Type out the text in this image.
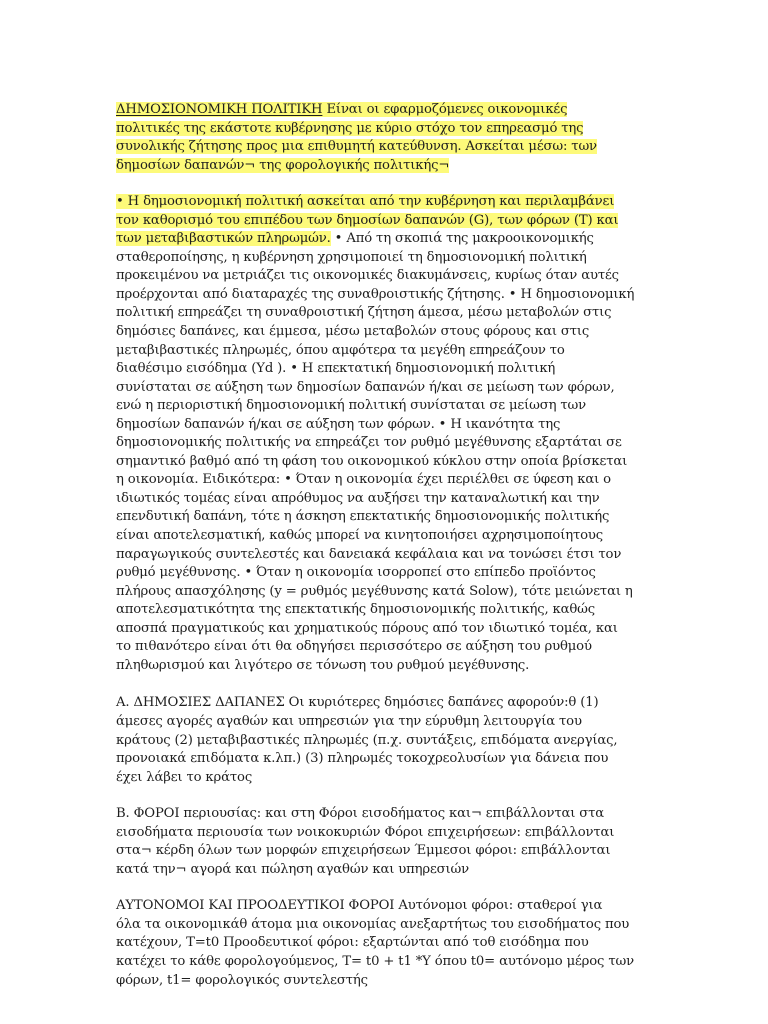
ΔΗΜΟΣΙΟΝΟΜΙΚΗ ΠΟΛΙΤΙΚΗ Είναι οι εφαρμοζόμενες οικονομικές
πολιτικές της εκάστοτε κυβέρνησης με κύριο στόχο τον επηρεασμό της
συνολικής ζήτησης προς μια επιθυμητή κατεύθυνση. Ασκείται μέσω: των
δημοσίων δαπανών¬ της φορολογικής πολιτικής¬

• Η δημοσιονομική πολιτική ασκείται από την κυβέρνηση και περιλαμβάνει
τον καθορισμό του επιπέδου των δημοσίων δαπανών (G), των φόρων (T) και
των μεταβιβαστικών πληρωμών. • Από τη σκοπιά της μακροοικονομικής
σταθεροποίησης, η κυβέρνηση χρησιμοποιεί τη δημοσιονομική πολιτική
προκειμένου να μετριάζει τις οικονομικές διακυμάνσεις, κυρίως όταν αυτές
προέρχονται από διαταραχές της συναθροιστικής ζήτησης. • Η δημοσιονομική
πολιτική επηρεάζει τη συναθροιστική ζήτηση άμεσα, μέσω μεταβολών στις
δημόσιες δαπάνες, και έμμεσα, μέσω μεταβολών στους φόρους και στις
μεταβιβαστικές πληρωμές, όπου αμφότερα τα μεγέθη επηρεάζουν το
διαθέσιμο εισόδημα (Yd ). • Η επεκτατική δημοσιονομική πολιτική
συνίσταται σε αύξηση των δημοσίων δαπανών ή/και σε μείωση των φόρων,
ενώ η περιοριστική δημοσιονομική πολιτική συνίσταται σε μείωση των
δημοσίων δαπανών ή/και σε αύξηση των φόρων. • Η ικανότητα της
δημοσιονομικής πολιτικής να επηρεάζει τον ρυθμό μεγέθυνσης εξαρτάται σε
σημαντικό βαθμό από τη φάση του οικονομικού κύκλου στην οποία βρίσκεται
η οικονομία. Ειδικότερα: • Όταν η οικονομία έχει περιέλθει σε ύφεση και ο
ιδιωτικός τομέας είναι απρόθυμος να αυξήσει την καταναλωτική και την
επενδυτική δαπάνη, τότε η άσκηση επεκτατικής δημοσιονομικής πολιτικής
είναι αποτελεσματική, καθώς μπορεί να κινητοποιήσει αχρησιμοποίητους
παραγωγικούς συντελεστές και δανειακά κεφάλαια και να τονώσει έτσι τον
ρυθμό μεγέθυνσης. • Όταν η οικονομία ισορροπεί στο επίπεδο προϊόντος
πλήρους απασχόλησης (y = ρυθμός μεγέθυνσης κατά Solow), τότε μειώνεται η
αποτελεσματικότητα της επεκτατικής δημοσιονομικής πολιτικής, καθώς
αποσπά πραγματικούς και χρηματικούς πόρους από τον ιδιωτικό τομέα, και
το πιθανότερο είναι ότι θα οδηγήσει περισσότερο σε αύξηση του ρυθμού
πληθωρισμού και λιγότερο σε τόνωση του ρυθμού μεγέθυνσης.

Α. ΔΗΜΟΣΙΕΣ ΔΑΠΑΝΕΣ Οι κυριότερες δημόσιες δαπάνες αφορούν:θ (1)
άμεσες αγορές αγαθών και υπηρεσιών για την εύρυθμη λειτουργία του
κράτους (2) μεταβιβαστικές πληρωμές (π.χ. συντάξεις, επιδόματα ανεργίας,
προνοιακά επιδόματα κ.λπ.) (3) πληρωμές τοκοχρεολυσίων για δάνεια που
έχει λάβει το κράτος

Β. ΦΟΡΟΙ περιουσίας: και στη Φόροι εισοδήματος και¬ επιβάλλονται στα
εισοδήματα περιουσία των νοικοκυριών Φόροι επιχειρήσεων: επιβάλλονται
στα¬ κέρδη όλων των μορφών επιχειρήσεων Έμμεσοι φόροι: επιβάλλονται
κατά την¬ αγορά και πώληση αγαθών και υπηρεσιών

ΑΥΤΟΝΟΜΟΙ ΚΑΙ ΠΡΟΟΔΕΥΤΙΚΟΙ ΦΟΡΟΙ Αυτόνομοι φόροι: σταθεροί για
όλα τα οικονομικάθ άτομα μια οικονομίας ανεξαρτήτως του εισοδήματος που
κατέχουν, T=t0 Προοδευτικοί φόροι: εξαρτώνται από τοθ εισόδημα που
κατέχει το κάθε φορολογούμενος, T= t0 + t1 *Y όπου t0= αυτόνομο μέρος των
φόρων, t1= φορολογικός συντελεστής
